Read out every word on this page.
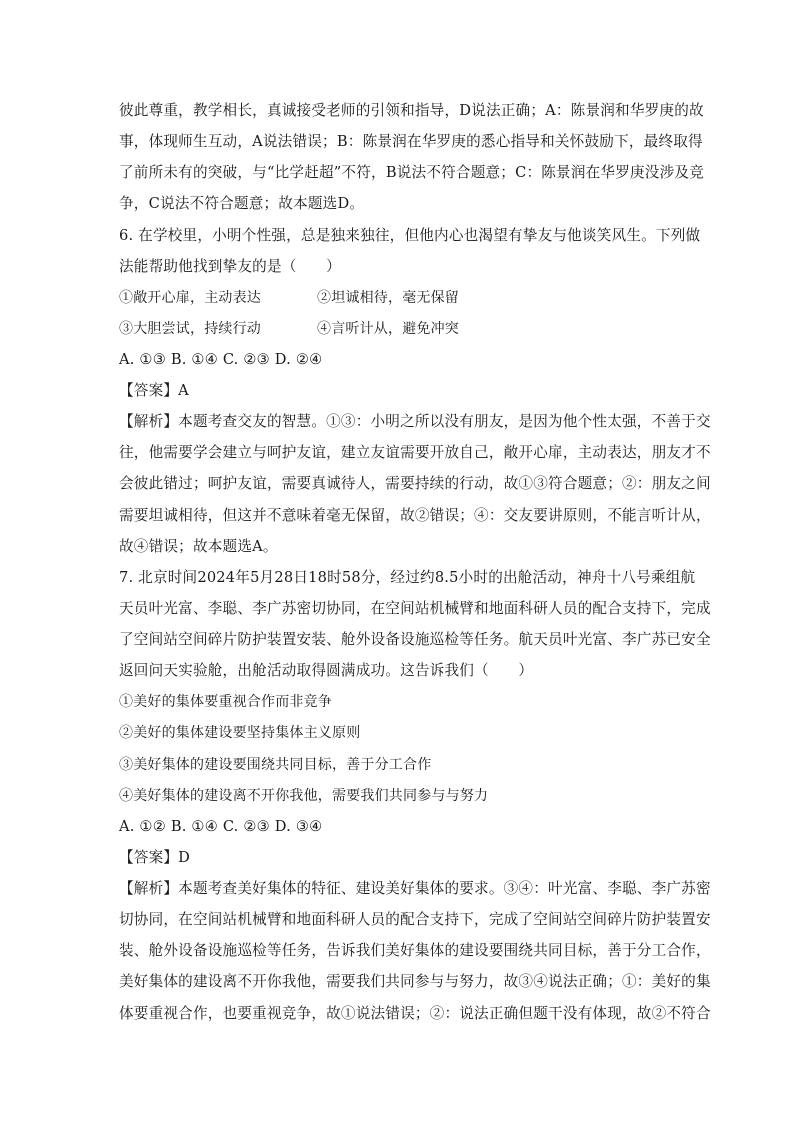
彼此尊重，教学相长，真诚接受老师的引领和指导，D说法正确；A：陈景润和华罗庚的故
事，体现师生互动，A说法错误；B：陈景润在华罗庚的悉心指导和关怀鼓励下，最终取得
了前所未有的突破，与“比学赶超”不符，B说法不符合题意；C：陈景润在华罗庚没涉及竞
争，C说法不符合题意；故本题选D。
6. 在学校里，小明个性强，总是独来独往，但他内心也渴望有挚友与他谈笑风生。下列做
法能帮助他找到挚友的是（　　）
①敞开心扉，主动表达	②坦诚相待，毫无保留
③大胆尝试，持续行动	④言听计从，避免冲突
A. ①③ B. ①④ C. ②③ D. ②④
【答案】A
【解析】本题考查交友的智慧。①③：小明之所以没有朋友，是因为他个性太强，不善于交
往，他需要学会建立与呵护友谊，建立友谊需要开放自己，敞开心扉，主动表达，朋友才不
会彼此错过；呵护友谊，需要真诚待人，需要持续的行动，故①③符合题意；②：朋友之间
需要坦诚相待，但这并不意味着毫无保留，故②错误；④：交友要讲原则，不能言听计从，
故④错误；故本题选A。
7. 北京时间2024年5月28日18时58分，经过约8.5小时的出舱活动，神舟十八号乘组航
天员叶光富、李聪、李广苏密切协同，在空间站机械臂和地面科研人员的配合支持下，完成
了空间站空间碎片防护装置安装、舱外设备设施巡检等任务。航天员叶光富、李广苏已安全
返回问天实验舱，出舱活动取得圆满成功。这告诉我们（　　）
①美好的集体要重视合作而非竞争
②美好的集体建设要坚持集体主义原则
③美好集体的建设要围绕共同目标，善于分工合作
④美好集体的建设离不开你我他，需要我们共同参与与努力
A. ①② B. ①④ C. ②③ D. ③④
【答案】D
【解析】本题考查美好集体的特征、建设美好集体的要求。③④：叶光富、李聪、李广苏密
切协同，在空间站机械臂和地面科研人员的配合支持下，完成了空间站空间碎片防护装置安
装、舱外设备设施巡检等任务，告诉我们美好集体的建设要围绕共同目标，善于分工合作，
美好集体的建设离不开你我他，需要我们共同参与与努力，故③④说法正确；①：美好的集
体要重视合作，也要重视竞争，故①说法错误；②：说法正确但题干没有体现，故②不符合
